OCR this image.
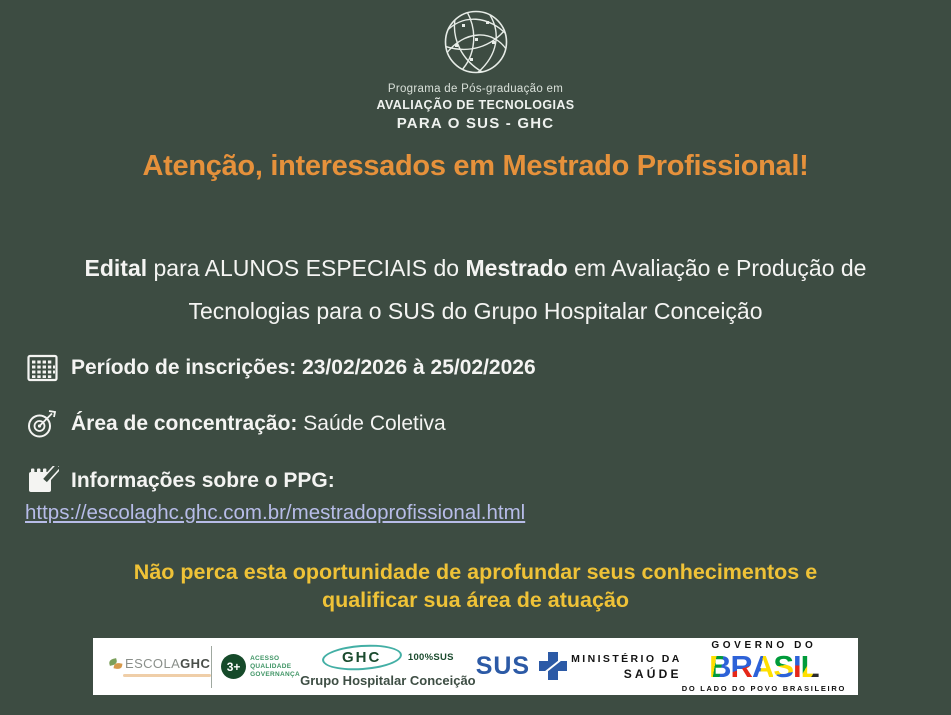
Programa de Pós-graduação em
AVALIAÇÃO DE TECNOLOGIAS
PARA O SUS - GHC
Atenção, interessados em Mestrado Profissional!

Edital para ALUNOS ESPECIAIS do Mestrado em Avaliação e Produção de Tecnologias para o SUS do Grupo Hospitalar Conceição

Período de inscrições: 23/02/2026 à 25/02/2026
Área de concentração: Saúde Coletiva
Informações sobre o PPG:
https://escolaghc.ghc.com.br/mestradoprofissional.html

Não perca esta oportunidade de aprofundar seus conhecimentos e qualificar sua área de atuação

ESCOLAGHC	3+
ACESSO
QUALIDADE
GOVERNANÇA
GHC	100%SUS
Grupo Hospitalar Conceição
SUS	MINISTÉRIO DA
SAÚDE
GOVERNO DO
B R A S I L
DO LADO DO POVO BRASILEIRO
